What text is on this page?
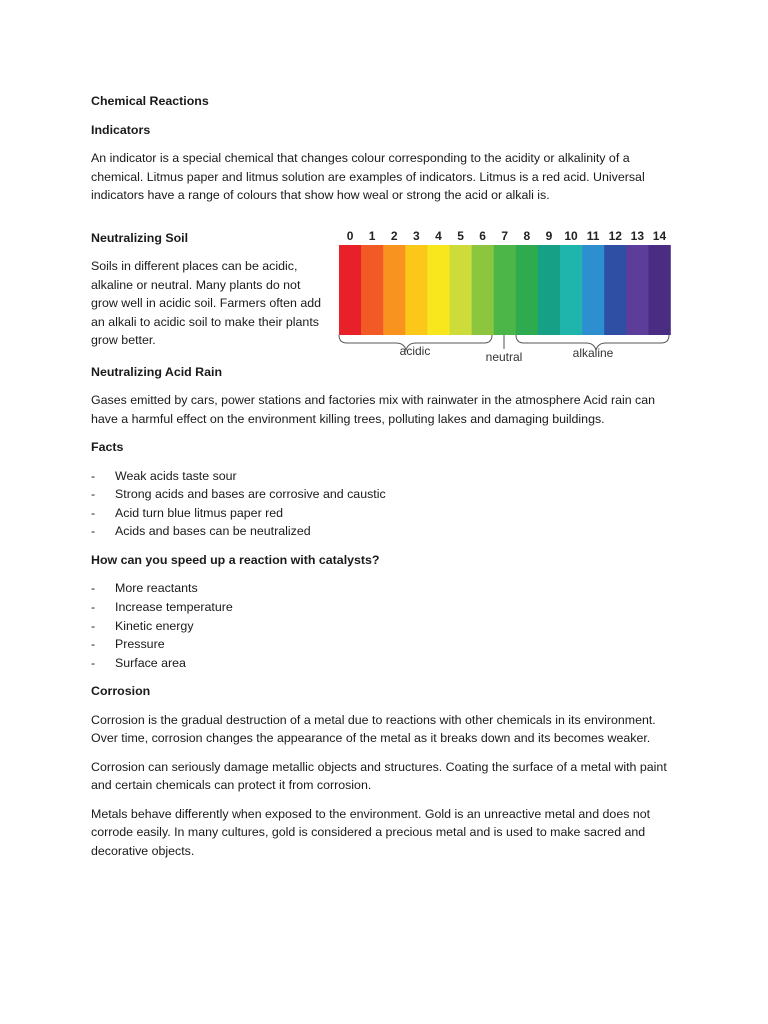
Chemical Reactions

Indicators

An indicator is a special chemical that changes colour corresponding to the acidity or alkalinity of a chemical. Litmus paper and litmus solution are examples of indicators. Litmus is a red acid. Universal indicators have a range of colours that show how weal or strong the acid or alkali is.

Neutralizing Soil

Soils in different places can be acidic, alkaline or neutral. Many plants do not grow well in acidic soil. Farmers often add an alkali to acidic soil to make their plants grow better.

Neutralizing Acid Rain

Gases emitted by cars, power stations and factories mix with rainwater in the atmosphere Acid rain can have a harmful effect on the environment killing trees, polluting lakes and damaging buildings.

Facts

- Weak acids taste sour
- Strong acids and bases are corrosive and caustic
- Acid turn blue litmus paper red
- Acids and bases can be neutralized

How can you speed up a reaction with catalysts?

- More reactants
- Increase temperature
- Kinetic energy
- Pressure
- Surface area

Corrosion

Corrosion is the gradual destruction of a metal due to reactions with other chemicals in its environment. Over time, corrosion changes the appearance of the metal as it breaks down and its becomes weaker.

Corrosion can seriously damage metallic objects and structures. Coating the surface of a metal with paint and certain chemicals can protect it from corrosion.

Metals behave differently when exposed to the environment. Gold is an unreactive metal and does not corrode easily. In many cultures, gold is considered a precious metal and is used to make sacred and decorative objects.

0 1 2 3 4 5 6 7 8 9 10 11 12 13 14
acidic	neutral	alkaline
